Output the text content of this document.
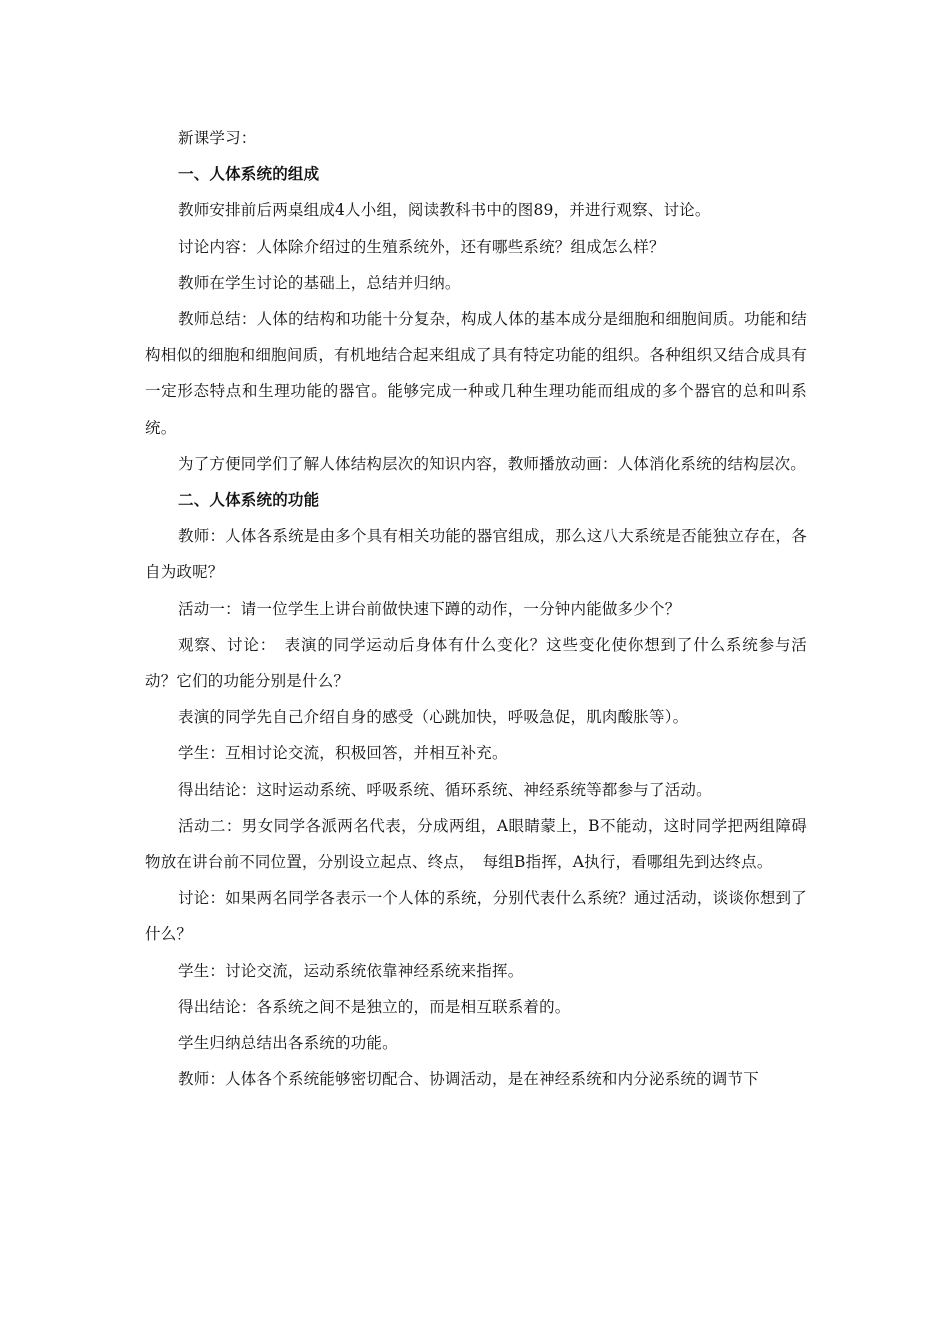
新课学习：

一、人体系统的组成

教师安排前后两桌组成4人小组，阅读教科书中的图89，并进行观察、讨论。

讨论内容：人体除介绍过的生殖系统外，还有哪些系统？组成怎么样？

教师在学生讨论的基础上，总结并归纳。

教师总结：人体的结构和功能十分复杂，构成人体的基本成分是细胞和细胞间质。功能和结构相似的细胞和细胞间质，有机地结合起来组成了具有特定功能的组织。各种组织又结合成具有一定形态特点和生理功能的器官。能够完成一种或几种生理功能而组成的多个器官的总和叫系统。

为了方便同学们了解人体结构层次的知识内容，教师播放动画：人体消化系统的结构层次。

二、人体系统的功能

教师：人体各系统是由多个具有相关功能的器官组成，那么这八大系统是否能独立存在，各自为政呢？

活动一：请一位学生上讲台前做快速下蹲的动作，一分钟内能做多少个？

观察、讨论：　表演的同学运动后身体有什么变化？这些变化使你想到了什么系统参与活动？它们的功能分别是什么？

表演的同学先自己介绍自身的感受（心跳加快，呼吸急促，肌肉酸胀等）。

学生：互相讨论交流，积极回答，并相互补充。

得出结论：这时运动系统、呼吸系统、循环系统、神经系统等都参与了活动。

活动二：男女同学各派两名代表，分成两组，A眼睛蒙上，B不能动，这时同学把两组障碍物放在讲台前不同位置，分别设立起点、终点，　每组B指挥，A执行，看哪组先到达终点。

讨论：如果两名同学各表示一个人体的系统，分别代表什么系统？通过活动，谈谈你想到了什么？

学生：讨论交流，运动系统依靠神经系统来指挥。

得出结论：各系统之间不是独立的，而是相互联系着的。

学生归纳总结出各系统的功能。

教师：人体各个系统能够密切配合、协调活动，是在神经系统和内分泌系统的调节下
